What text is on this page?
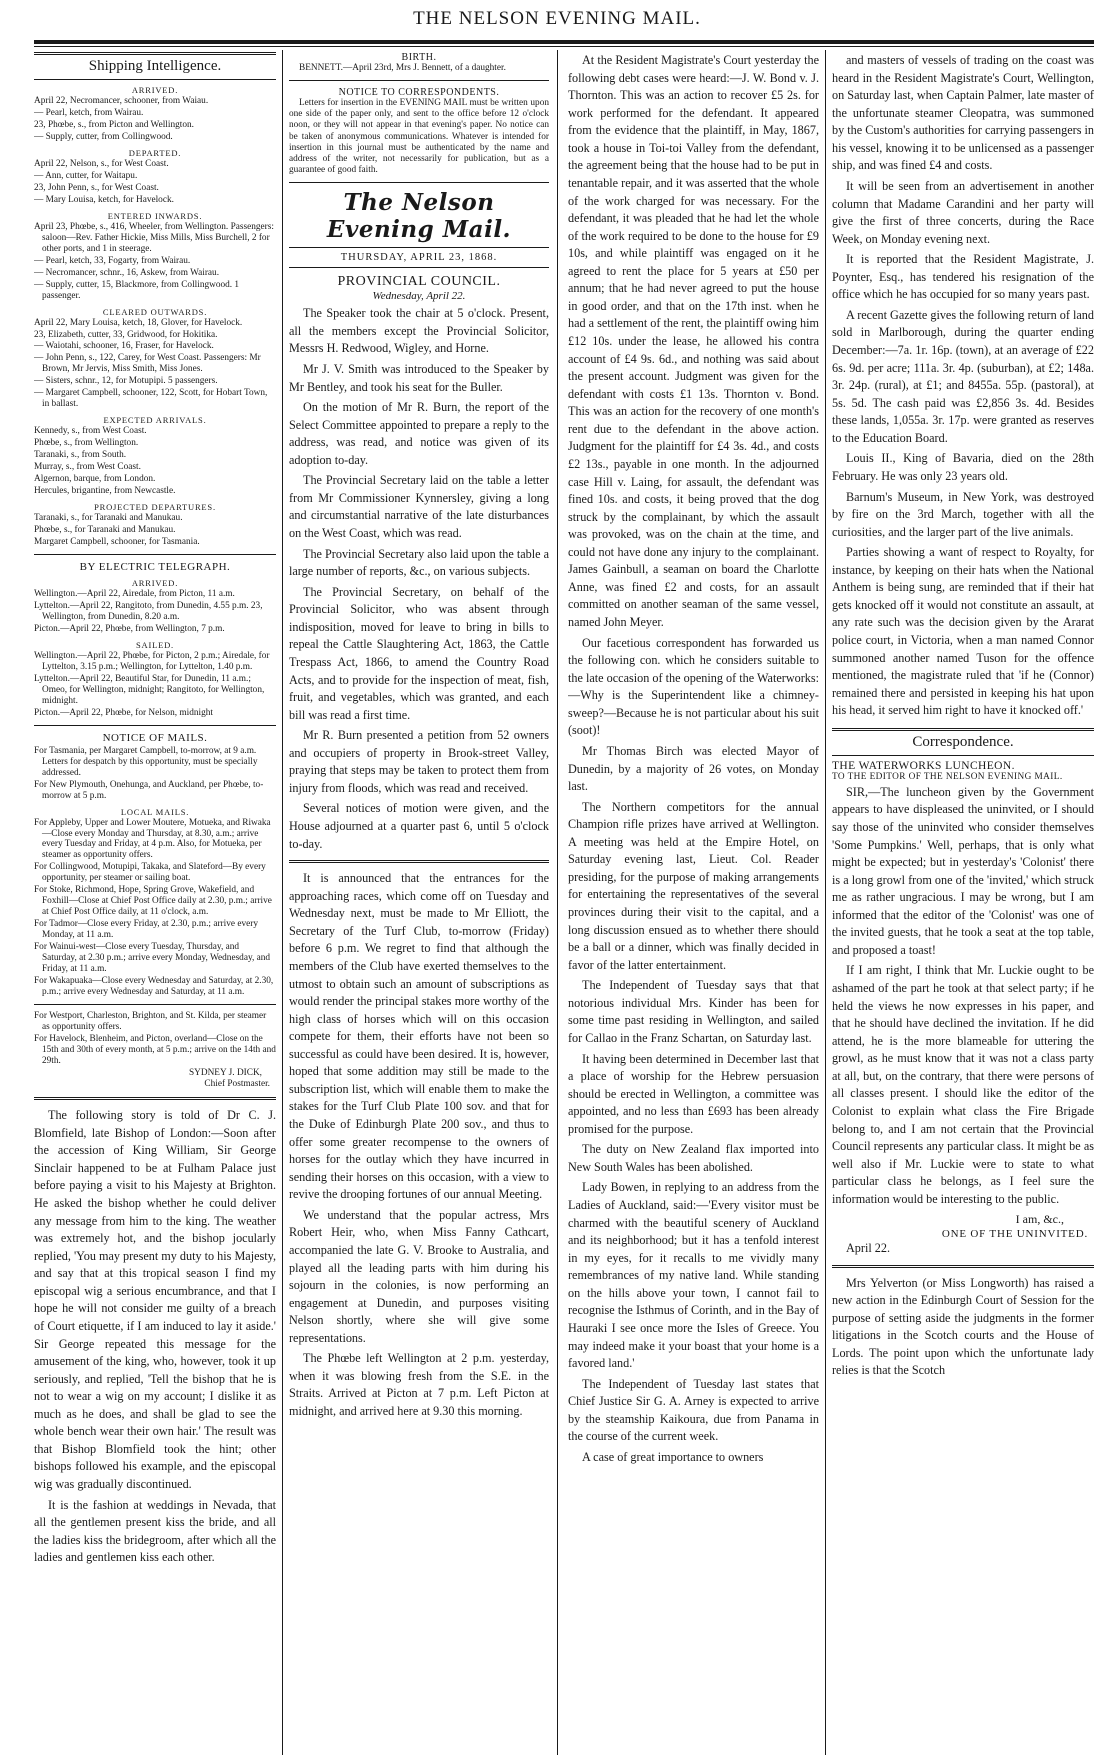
THE NELSON EVENING MAIL.
Shipping Intelligence.
ARRIVED.

April 22, Necromancer, schooner, from Waiau.

— Pearl, ketch, from Wairau.

23, Phœbe, s., from Picton and Wellington.

— Supply, cutter, from Collingwood.

DEPARTED.

April 22, Nelson, s., for West Coast.

— Ann, cutter, for Waitapu.

23, John Penn, s., for West Coast.

— Mary Louisa, ketch, for Havelock.

ENTERED INWARDS.

April 23, Phœbe, s., 416, Wheeler, from Wellington. Passengers: saloon—Rev. Father Hickie, Miss Mills, Miss Burchell, 2 for other ports, and 1 in steerage.

— Pearl, ketch, 33, Fogarty, from Wairau.

— Necromancer, schnr., 16, Askew, from Wairau.

— Supply, cutter, 15, Blackmore, from Collingwood. 1 passenger.

CLEARED OUTWARDS.

April 22, Mary Louisa, ketch, 18, Glover, for Havelock.

23, Elizabeth, cutter, 33, Gridwood, for Hokitika.

— Waiotahi, schooner, 16, Fraser, for Havelock.

— John Penn, s., 122, Carey, for West Coast. Passengers: Mr Brown, Mr Jervis, Miss Smith, Miss Jones.

— Sisters, schnr., 12, for Motupipi. 5 passengers.

— Margaret Campbell, schooner, 122, Scott, for Hobart Town, in ballast.

EXPECTED ARRIVALS.

Kennedy, s., from West Coast.

Phœbe, s., from Wellington.

Taranaki, s., from South.

Murray, s., from West Coast.

Algernon, barque, from London.

Hercules, brigantine, from Newcastle.

PROJECTED DEPARTURES.

Taranaki, s., for Taranaki and Manukau.

Phœbe, s., for Taranaki and Manukau.

Margaret Campbell, schooner, for Tasmania.

BY ELECTRIC TELEGRAPH.
ARRIVED.

Wellington.—April 22, Airedale, from Picton, 11 a.m.

Lyttelton.—April 22, Rangitoto, from Dunedin, 4.55 p.m. 23, Wellington, from Dunedin, 8.20 a.m.

Picton.—April 22, Phœbe, from Wellington, 7 p.m.

SAILED.

Wellington.—April 22, Phœbe, for Picton, 2 p.m.; Airedale, for Lyttelton, 3.15 p.m.; Wellington, for Lyttelton, 1.40 p.m.

Lyttelton.—April 22, Beautiful Star, for Dunedin, 11 a.m.; Omeo, for Wellington, midnight; Rangitoto, for Wellington, midnight.

Picton.—April 22, Phœbe, for Nelson, midnight

NOTICE OF MAILS.

For Tasmania, per Margaret Campbell, to-morrow, at 9 a.m. Letters for despatch by this opportunity, must be specially addressed.

For New Plymouth, Onehunga, and Auckland, per Phœbe, to-morrow at 5 p.m.

LOCAL MAILS.

For Appleby, Upper and Lower Moutere, Motueka, and Riwaka—Close every Monday and Thursday, at 8.30, a.m.; arrive every Tuesday and Friday, at 4 p.m. Also, for Motueka, per steamer as opportunity offers.

For Collingwood, Motupipi, Takaka, and Slateford—By every opportunity, per steamer or sailing boat.

For Stoke, Richmond, Hope, Spring Grove, Wakefield, and Foxhill—Close at Chief Post Office daily at 2.30, p.m.; arrive at Chief Post Office daily, at 11 o'clock, a.m.

For Tadmor—Close every Friday, at 2.30, p.m.; arrive every Monday, at 11 a.m.

For Wainui-west—Close every Tuesday, Thursday, and Saturday, at 2.30 p.m.; arrive every Monday, Wednesday, and Friday, at 11 a.m.

For Wakapuaka—Close every Wednesday and Saturday, at 2.30, p.m.; arrive every Wednesday and Saturday, at 11 a.m.

For Westport, Charleston, Brighton, and St. Kilda, per steamer as opportunity offers.

For Havelock, Blenheim, and Picton, overland—Close on the 15th and 30th of every month, at 5 p.m.; arrive on the 14th and 29th.

SYDNEY J. DICK,
Chief Postmaster.

The following story is told of Dr C. J. Blomfield, late Bishop of London:—Soon after the accession of King William, Sir George Sinclair happened to be at Fulham Palace just before paying a visit to his Majesty at Brighton. He asked the bishop whether he could deliver any message from him to the king. The weather was extremely hot, and the bishop jocularly replied, 'You may present my duty to his Majesty, and say that at this tropical season I find my episcopal wig a serious encumbrance, and that I hope he will not consider me guilty of a breach of Court etiquette, if I am induced to lay it aside.' Sir George repeated this message for the amusement of the king, who, however, took it up seriously, and replied, 'Tell the bishop that he is not to wear a wig on my account; I dislike it as much as he does, and shall be glad to see the whole bench wear their own hair.' The result was that Bishop Blomfield took the hint; other bishops followed his example, and the episcopal wig was gradually discontinued.

It is the fashion at weddings in Nevada, that all the gentlemen present kiss the bride, and all the ladies kiss the bridegroom, after which all the ladies and gentlemen kiss each other.

BIRTH.

BENNETT.—April 23rd, Mrs J. Bennett, of a daughter.

NOTICE TO CORRESPONDENTS.

Letters for insertion in the EVENING MAIL must be written upon one side of the paper only, and sent to the office before 12 o'clock noon, or they will not appear in that evening's paper. No notice can be taken of anonymous communications. Whatever is intended for insertion in this journal must be authenticated by the name and address of the writer, not necessarily for publication, but as a guarantee of good faith.

The Nelson Evening Mail.
THURSDAY, APRIL 23, 1868.
PROVINCIAL COUNCIL.
Wednesday, April 22.

The Speaker took the chair at 5 o'clock. Present, all the members except the Provincial Solicitor, Messrs H. Redwood, Wigley, and Horne.

Mr J. V. Smith was introduced to the Speaker by Mr Bentley, and took his seat for the Buller.

On the motion of Mr R. Burn, the report of the Select Committee appointed to prepare a reply to the address, was read, and notice was given of its adoption to-day.

The Provincial Secretary laid on the table a letter from Mr Commissioner Kynnersley, giving a long and circumstantial narrative of the late disturbances on the West Coast, which was read.

The Provincial Secretary also laid upon the table a large number of reports, &c., on various subjects.

The Provincial Secretary, on behalf of the Provincial Solicitor, who was absent through indisposition, moved for leave to bring in bills to repeal the Cattle Slaughtering Act, 1863, the Cattle Trespass Act, 1866, to amend the Country Road Acts, and to provide for the inspection of meat, fish, fruit, and vegetables, which was granted, and each bill was read a first time.

Mr R. Burn presented a petition from 52 owners and occupiers of property in Brook-street Valley, praying that steps may be taken to protect them from injury from floods, which was read and received.

Several notices of motion were given, and the House adjourned at a quarter past 6, until 5 o'clock to-day.

It is announced that the entrances for the approaching races, which come off on Tuesday and Wednesday next, must be made to Mr Elliott, the Secretary of the Turf Club, to-morrow (Friday) before 6 p.m. We regret to find that although the members of the Club have exerted themselves to the utmost to obtain such an amount of subscriptions as would render the principal stakes more worthy of the high class of horses which will on this occasion compete for them, their efforts have not been so successful as could have been desired. It is, however, hoped that some addition may still be made to the subscription list, which will enable them to make the stakes for the Turf Club Plate 100 sov. and that for the Duke of Edinburgh Plate 200 sov., and thus to offer some greater recompense to the owners of horses for the outlay which they have incurred in sending their horses on this occasion, with a view to revive the drooping fortunes of our annual Meeting.

We understand that the popular actress, Mrs Robert Heir, who, when Miss Fanny Cathcart, accompanied the late G. V. Brooke to Australia, and played all the leading parts with him during his sojourn in the colonies, is now performing an engagement at Dunedin, and purposes visiting Nelson shortly, where she will give some representations.

The Phœbe left Wellington at 2 p.m. yesterday, when it was blowing fresh from the S.E. in the Straits. Arrived at Picton at 7 p.m. Left Picton at midnight, and arrived here at 9.30 this morning.

At the Resident Magistrate's Court yesterday the following debt cases were heard:—J. W. Bond v. J. Thornton. This was an action to recover £5 2s. for work performed for the defendant. It appeared from the evidence that the plaintiff, in May, 1867, took a house in Toi-toi Valley from the defendant, the agreement being that the house had to be put in tenantable repair, and it was asserted that the whole of the work charged for was necessary. For the defendant, it was pleaded that he had let the whole of the work required to be done to the house for £9 10s, and while plaintiff was engaged on it he agreed to rent the place for 5 years at £50 per annum; that he had never agreed to put the house in good order, and that on the 17th inst. when he had a settlement of the rent, the plaintiff owing him £12 10s. under the lease, he allowed his contra account of £4 9s. 6d., and nothing was said about the present account. Judgment was given for the defendant with costs £1 13s. Thornton v. Bond. This was an action for the recovery of one month's rent due to the defendant in the above action. Judgment for the plaintiff for £4 3s. 4d., and costs £2 13s., payable in one month. In the adjourned case Hill v. Laing, for assault, the defendant was fined 10s. and costs, it being proved that the dog struck by the complainant, by which the assault was provoked, was on the chain at the time, and could not have done any injury to the complainant. James Gainbull, a seaman on board the Charlotte Anne, was fined £2 and costs, for an assault committed on another seaman of the same vessel, named John Meyer.

Our facetious correspondent has forwarded us the following con. which he considers suitable to the late occasion of the opening of the Waterworks:—Why is the Superintendent like a chimney-sweep?—Because he is not particular about his suit (soot)!

Mr Thomas Birch was elected Mayor of Dunedin, by a majority of 26 votes, on Monday last.

The Northern competitors for the annual Champion rifle prizes have arrived at Wellington. A meeting was held at the Empire Hotel, on Saturday evening last, Lieut. Col. Reader presiding, for the purpose of making arrangements for entertaining the representatives of the several provinces during their visit to the capital, and a long discussion ensued as to whether there should be a ball or a dinner, which was finally decided in favor of the latter entertainment.

The Independent of Tuesday says that that notorious individual Mrs. Kinder has been for some time past residing in Wellington, and sailed for Callao in the Franz Schartan, on Saturday last.

It having been determined in December last that a place of worship for the Hebrew persuasion should be erected in Wellington, a committee was appointed, and no less than £693 has been already promised for the purpose.

The duty on New Zealand flax imported into New South Wales has been abolished.

Lady Bowen, in replying to an address from the Ladies of Auckland, said:—'Every visitor must be charmed with the beautiful scenery of Auckland and its neighborhood; but it has a tenfold interest in my eyes, for it recalls to me vividly many remembrances of my native land. While standing on the hills above your town, I cannot fail to recognise the Isthmus of Corinth, and in the Bay of Hauraki I see once more the Isles of Greece. You may indeed make it your boast that your home is a favored land.'

The Independent of Tuesday last states that Chief Justice Sir G. A. Arney is expected to arrive by the steamship Kaikoura, due from Panama in the course of the current week.

A case of great importance to owners

and masters of vessels of trading on the coast was heard in the Resident Magistrate's Court, Wellington, on Saturday last, when Captain Palmer, late master of the unfortunate steamer Cleopatra, was summoned by the Custom's authorities for carrying passengers in his vessel, knowing it to be unlicensed as a passenger ship, and was fined £4 and costs.

It will be seen from an advertisement in another column that Madame Carandini and her party will give the first of three concerts, during the Race Week, on Monday evening next.

It is reported that the Resident Magistrate, J. Poynter, Esq., has tendered his resignation of the office which he has occupied for so many years past.

A recent Gazette gives the following return of land sold in Marlborough, during the quarter ending December:—7a. 1r. 16p. (town), at an average of £22 6s. 9d. per acre; 111a. 3r. 4p. (suburban), at £2; 148a. 3r. 24p. (rural), at £1; and 8455a. 55p. (pastoral), at 5s. 5d. The cash paid was £2,856 3s. 4d. Besides these lands, 1,055a. 3r. 17p. were granted as reserves to the Education Board.

Louis II., King of Bavaria, died on the 28th February. He was only 23 years old.

Barnum's Museum, in New York, was destroyed by fire on the 3rd March, together with all the curiosities, and the larger part of the live animals.

Parties showing a want of respect to Royalty, for instance, by keeping on their hats when the National Anthem is being sung, are reminded that if their hat gets knocked off it would not constitute an assault, at any rate such was the decision given by the Ararat police court, in Victoria, when a man named Connor summoned another named Tuson for the offence mentioned, the magistrate ruled that 'if he (Connor) remained there and persisted in keeping his hat upon his head, it served him right to have it knocked off.'

Correspondence.
THE WATERWORKS LUNCHEON.
TO THE EDITOR OF THE NELSON EVENING MAIL.

SIR,—The luncheon given by the Government appears to have displeased the uninvited, or I should say those of the uninvited who consider themselves 'Some Pumpkins.' Well, perhaps, that is only what might be expected; but in yesterday's 'Colonist' there is a long growl from one of the 'invited,' which struck me as rather ungracious. I may be wrong, but I am informed that the editor of the 'Colonist' was one of the invited guests, that he took a seat at the top table, and proposed a toast!

If I am right, I think that Mr. Luckie ought to be ashamed of the part he took at that select party; if he held the views he now expresses in his paper, and that he should have declined the invitation. If he did attend, he is the more blameable for uttering the growl, as he must know that it was not a class party at all, but, on the contrary, that there were persons of all classes present. I should like the editor of the Colonist to explain what class the Fire Brigade belong to, and I am not certain that the Provincial Council represents any particular class. It might be as well also if Mr. Luckie were to state to what particular class he belongs, as I feel sure the information would be interesting to the public.

I am, &c.,
ONE OF THE UNINVITED.

April 22.

Mrs Yelverton (or Miss Longworth) has raised a new action in the Edinburgh Court of Session for the purpose of setting aside the judgments in the former litigations in the Scotch courts and the House of Lords. The point upon which the unfortunate lady relies is that the Scotch
